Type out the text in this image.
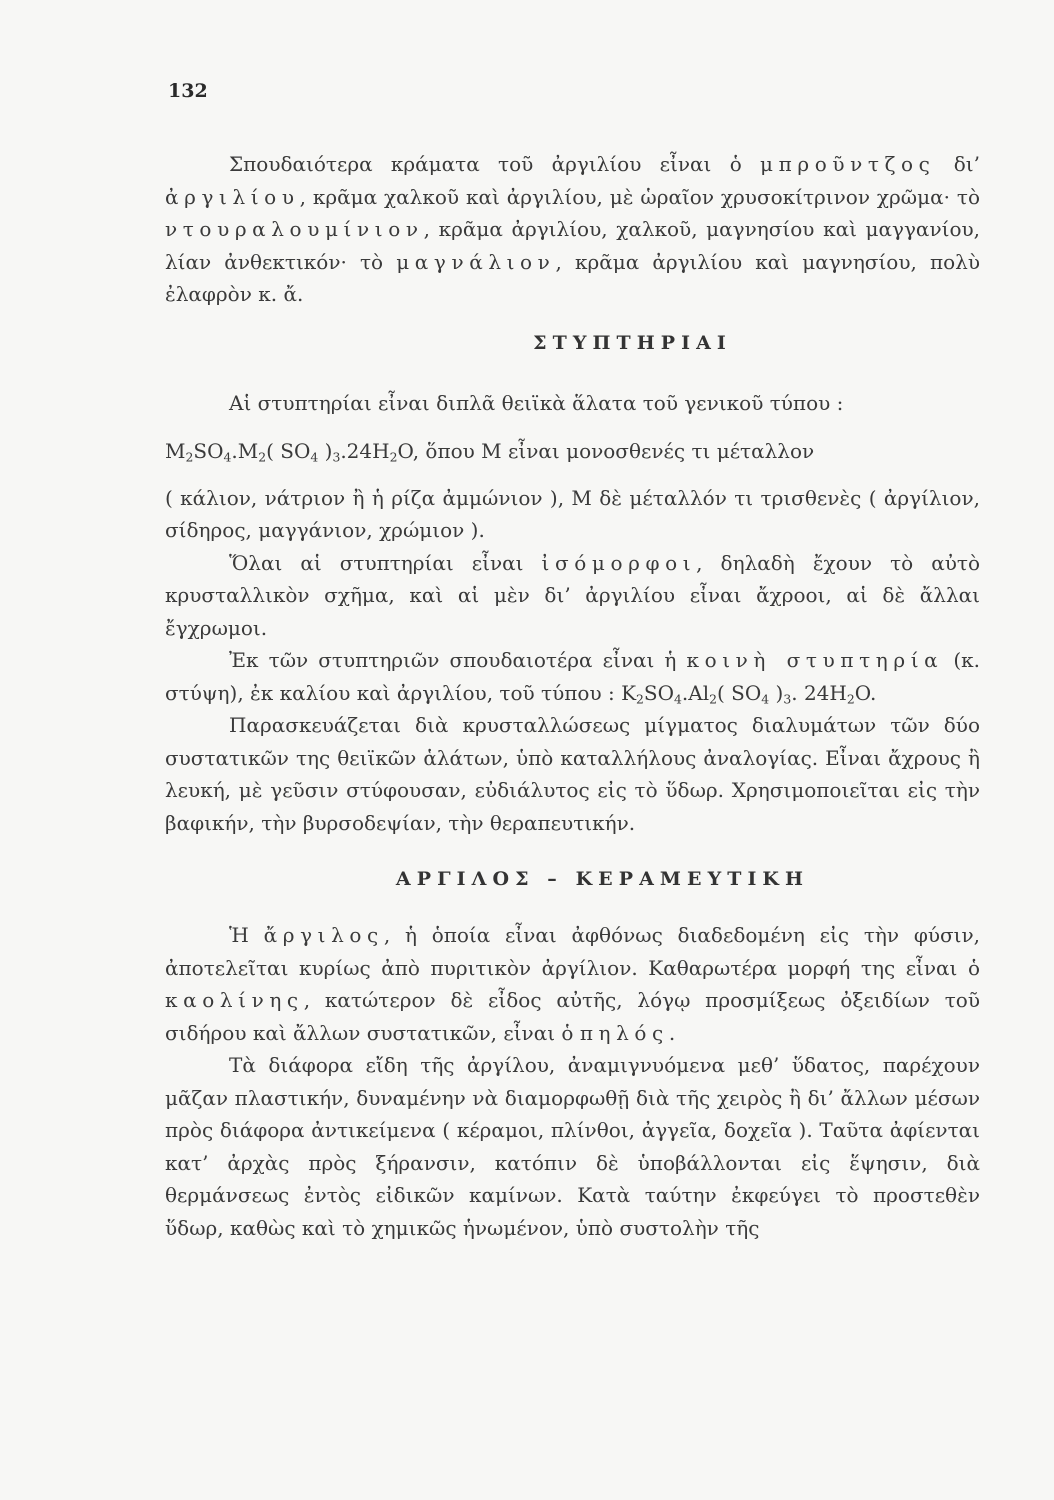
132

Σπουδαιότερα κράματα τοῦ ἀργιλίου εἶναι ὁ μπροῦντζος δι’ ἀργιλίου, κρᾶμα χαλκοῦ καὶ ἀργιλίου, μὲ ὡραῖον χρυσοκίτρινον χρῶμα· τὸ ντουραλουμίνιον, κρᾶμα ἀργιλίου, χαλκοῦ, μαγνησίου καὶ μαγγανίου, λίαν ἀνθεκτικόν· τὸ μαγνάλιον, κρᾶμα ἀργιλίου καὶ μαγνησίου, πολὺ ἐλαφρὸν κ. ἄ.

ΣΤΥΠΤΗΡΙΑΙ

Αἱ στυπτηρίαι εἶναι διπλᾶ θειϊκὰ ἅλατα τοῦ γενικοῦ τύπου :

$M_2SO_4.M_2$( $SO_4$ )$_3.24H_2O$, ὅπου Μ εἶναι μονοσθενές τι μέταλλον

( κάλιον, νάτριον ἢ ἡ ρίζα ἀμμώνιον ), Μ δὲ μέταλλόν τι τρισθενὲς ( ἀργίλιον, σίδηρος, μαγγάνιον, χρώμιον ).

Ὅλαι αἱ στυπτηρίαι εἶναι ἰσόμορφοι, δηλαδὴ ἔχουν τὸ αὐτὸ κρυσταλλικὸν σχῆμα, καὶ αἱ μὲν δι’ ἀργιλίου εἶναι ἄχροοι, αἱ δὲ ἄλλαι ἔγχρωμοι.

Ἐκ τῶν στυπτηριῶν σπουδαιοτέρα εἶναι ἡ κοινὴ στυπτηρία (κ. στύψη), ἐκ καλίου καὶ ἀργιλίου, τοῦ τύπου : $K_2SO_4.Al_2$( $SO_4$ )$_3$. $24H_2O$.

Παρασκευάζεται διὰ κρυσταλλώσεως μίγματος διαλυμάτων τῶν δύο συστατικῶν της θειϊκῶν ἁλάτων, ὑπὸ καταλλήλους ἀναλογίας. Εἶναι ἄχρους ἢ λευκή, μὲ γεῦσιν στύφουσαν, εὐδιάλυτος εἰς τὸ ὕδωρ. Χρησιμοποιεῖται εἰς τὴν βαφικήν, τὴν βυρσοδεψίαν, τὴν θεραπευτικήν.

ΑΡΓΙΛΟΣ – ΚΕΡΑΜΕΥΤΙΚΗ

Ἡ ἄργιλος, ἡ ὁποία εἶναι ἀφθόνως διαδεδομένη εἰς τὴν φύσιν, ἀποτελεῖται κυρίως ἀπὸ πυριτικὸν ἀργίλιον. Καθαρωτέρα μορφή της εἶναι ὁ καολίνης, κατώτερον δὲ εἶδος αὐτῆς, λόγῳ προσμίξεως ὀξειδίων τοῦ σιδήρου καὶ ἄλλων συστατικῶν, εἶναι ὁ πηλός.

Τὰ διάφορα εἴδη τῆς ἀργίλου, ἀναμιγνυόμενα μεθ’ ὕδατος, παρέχουν μᾶζαν πλαστικήν, δυναμένην νὰ διαμορφωθῇ διὰ τῆς χειρὸς ἢ δι’ ἄλλων μέσων πρὸς διάφορα ἀντικείμενα ( κέραμοι, πλίνθοι, ἀγγεῖα, δοχεῖα ). Ταῦτα ἀφίενται κατ’ ἀρχὰς πρὸς ξήρανσιν, κατόπιν δὲ ὑποβάλλονται εἰς ἕψησιν, διὰ θερμάνσεως ἐντὸς εἰδικῶν καμίνων. Κατὰ ταύτην ἐκφεύγει τὸ προστεθὲν ὕδωρ, καθὼς καὶ τὸ χημικῶς ἡνωμένον, ὑπὸ συστολὴν τῆς
